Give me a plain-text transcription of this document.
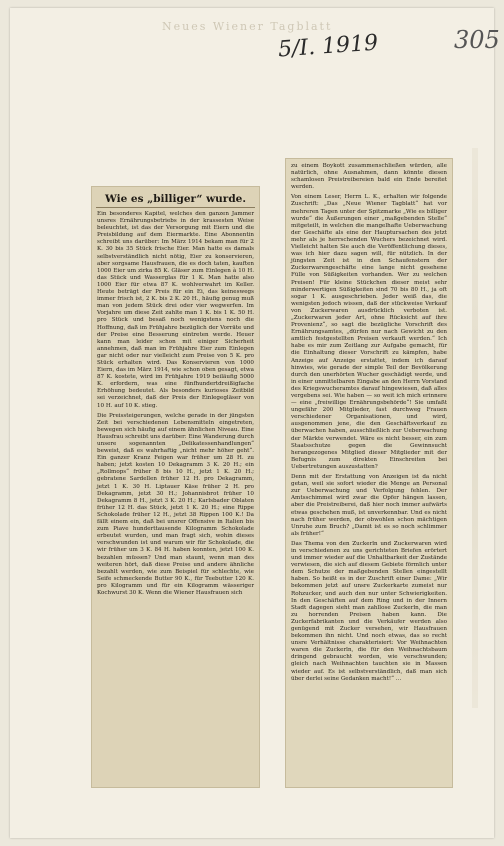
Neues Wiener Tagblatt
5/I. 1919	305
Wie es „billiger“ wurde.

Ein besonderes Kapitel, welches den ganzen Jammer unsres Ernährungsbetriebs in der krassesten Weise beleuchtet, ist das der Versorgung mit Eiern und die Preisbildung auf dem Eiermarkte. Eine Abonnentin schreibt uns darüber: Im März 1914 bekam man für 2 K. 30 bis 35 Stück frische Eier. Man hatte es damals selbstverständlich nicht nötig, Eier zu konservieren, aber sorgsame Hausfrauen, die es doch taten, kauften 1000 Eier um zirka 85 K. Gläser zum Einlegen à 10 H. das Stück und Wasserglas für 1 K. Man hatte also 1000 Eier für etwa 87 K. wohlverwahrt im Keller. Heute beträgt der Preis für ein Ei, das keineswegs immer frisch ist, 2 K. bis 2 K. 20 H., häufig genug muß man von jedem Stück drei oder vier wegwerfen. Im Vorjahre um diese Zeit zahlte man 1 K. bis 1 K. 50 H. pro Stück und besaß noch wenigstens noch die Hoffnung, daß im Frühjahre bezüglich der Vorräte und der Preise eine Besserung eintreten werde. Heuer kann man leider schon mit einiger Sicherheit annehmen, daß man im Frühjahre Eier zum Einlegen gar nicht oder nur vielleicht zum Preise von 5 K. pro Stück erhalten wird. Das Konservieren von 1000 Eiern, das im März 1914, wie schon oben gesagt, etwa 87 K. kostete, wird im Frühjahre 1919 beiläufig 5000 K. erfordern, was eine fünfhundertdreißigfache Erhöhung bedeutet. Als besonders kurioses Zeitbild sei verzeichnet, daß der Preis der Einlegegläser von 10 H. auf 10 K. stieg.

Die Preissteigerungen, welche gerade in der jüngsten Zeit bei verschiedenen Lebensmitteln eingetreten, bewegen sich häufig auf einem ähnlichen Niveau. Eine Hausfrau schreibt uns darüber: Eine Wanderung durch unsere sogenannten „Delikatessenhandlungen“ beweist, daß es wahrhaftig „nicht mehr höher geht“. Ein ganzer Kranz Feigen war früher um 28 H. zu haben; jetzt kosten 10 Dekagramm 3 K. 20 H.; ein „Rollmops“ früher 8 bis 10 H., jetzt 1 K. 20 H.; gebratene Sardellen früher 12 H. pro Dekagramm, jetzt 1 K. 30 H. Liptauer Käse früher 2 H. pro Dekagramm, jetzt 30 H.; Johannisbrot früher 10 Dekagramm 8 H., jetzt 3 K. 20 H.; Karlsbader Oblaten früher 12 H. das Stück, jetzt 1 K. 20 H.; eine Rippe Schokolade früher 12 H., jetzt 38 Rippen 100 K.! Da fällt einem ein, daß bei unsrer Offensive in Italien bis zum Piave hunderttausende Kilogramm Schokolade erbeutet wurden, und man fragt sich, wohin dieses verschwunden ist und warum wir für Schokolade, die wir früher um 3 K. 84 H. haben konnten, jetzt 100 K. bezahlen müssen? Und man staunt, wenn man des weiteren hört, daß diese Preise und andere ähnliche bezahlt werden, wie zum Beispiel für schlechte, wie Seife schmeckende Butter 90 K., für Teebutter 120 K. pro Kilogramm und für ein Kilogramm wässeriger Kochwurst 30 K. Wenn die Wiener Hausfrauen sich

zu einem Boykott zusammenschließen würden, alle natürlich, ohne Ausnahmen, dann könnte diesen schamlosen Preistreibereien bald ein Ende bereitet werden.

Von einem Leser, Herrn L. K., erhalten wir folgende Zuschrift: „Das „Neue Wiener Tagblatt“ hat vor mehreren Tagen unter der Spitzmarke „Wie es billiger wurde“ die Äußerungen einer „maßgebenden Stelle“ mitgeteilt, in welchen die mangelhafte Ueberwachung der Geschäfte als eine der Hauptursachen des jetzt mehr als je herrschenden Wuchers bezeichnet wird. Vielleicht halten Sie auch die Veröffentlichung dieses, was ich hier dazu sagen will, für nützlich. In der jüngsten Zeit ist in den Schaufenstern der Zuckerwarengeschäfte eine lange nicht gesehene Fülle von Süßigkeiten vorhanden. Wer zu welchen Preisen! Für kleine Stückchen dieser meist sehr minderwertigen Süßigkeiten sind 70 bis 80 H., ja oft sogar 1 K. ausgeschrieben. Jeder weiß das, die wenigsten jedoch wissen, daß der stückweise Verkauf von Zuckerwaren ausdrücklich verboten ist. „Zuckerwaren jeder Art, ohne Rücksicht auf ihre Provenienz“, so sagt die bezügliche Vorschrift des Ernährungsamtes, „dürfen nur nach Gewicht zu den amtlich festgestellten Preisen verkauft werden.“ Ich habe es mir zum Zeitlang zur Aufgabe gemacht, für die Einhaltung dieser Vorschrift zu kämpfen, habe Anzeige auf Anzeige erstattet, indem ich darauf hinwies, wie gerade der simple Teil der Bevölkerung durch den unerhörten Wucher geschädigt werde, und in einer unmittelbaren Eingabe an den Herrn Vorstand des Kriegswucheramtes darauf hingewiesen, daß alles vergebens sei. Wie haben — so weit ich mich erinnere — eine „freiwillige Ernährungsbehörde“! Sie umfaßt ungefähr 200 Mitglieder, fast durchweg Frauen verschiedener Organisationen, und wird, ausgenommen jene, die den Geschäftsverkauf zu überwachen haben, ausschließlich zur Ueberwachung der Märkte verwendet. Wäre es nicht besser, ein zum Staatsschutze gegen die Gewinnsucht herangezogenes Mitglied dieser Mitglieder mit der Befugnis zum direkten Einschreiten bei Uebertretungen auszustatten?

Denn mit der Erstattung von Anzeigen ist da nicht getan, weil sie sofort wieder die Menge an Personal zur Ueberwachung und Verfolgung fehlen. Der Amtsschimmel wird zwar die Opfer hängen lassen, aber die Preistreiberei, daß hier noch immer aufwärts etwas geschehen muß, ist unverkennbar. Und es nicht nach früher werden, der obwohlen schon mächtigen Unruhe zum Bruch? „Damit ist es so noch schlimmer als früher!“

Das Thema von den Zuckerln und Zuckerwaren wird in verschiedenen zu uns gerichteten Briefen erörtert und immer wieder auf die Unhaltbarkeit der Zustände verwiesen, die sich auf diesem Gebiete förmlich unter dem Schutze der maßgebenden Stellen eingestellt haben. So heißt es in der Zuschrift einer Dame: „Wir bekommen jetzt auf unsre Zuckerkarte zumeist nur Rohzucker, und auch den nur unter Schwierigkeiten. In den Geschäften auf dem Ring und in der Innern Stadt dagegen sieht man zahllose Zuckerln, die man zu horrenden Preisen haben kann. Die Zuckerfabrikanten und die Verkäufer werden also genügend mit Zucker versehen, wir Hausfrauen bekommen ihn nicht. Und noch etwas, das so recht unsre Verhältnisse charakterisiert: Vor Weihnachten waren die Zuckerln, die für den Weihnachtsbaum dringend gebraucht worden, wie verschwunden; gleich nach Weihnachten tauchten sie in Massen wieder auf. Es ist selbstverständlich, daß man sich über derlei seine Gedanken macht!“ …
